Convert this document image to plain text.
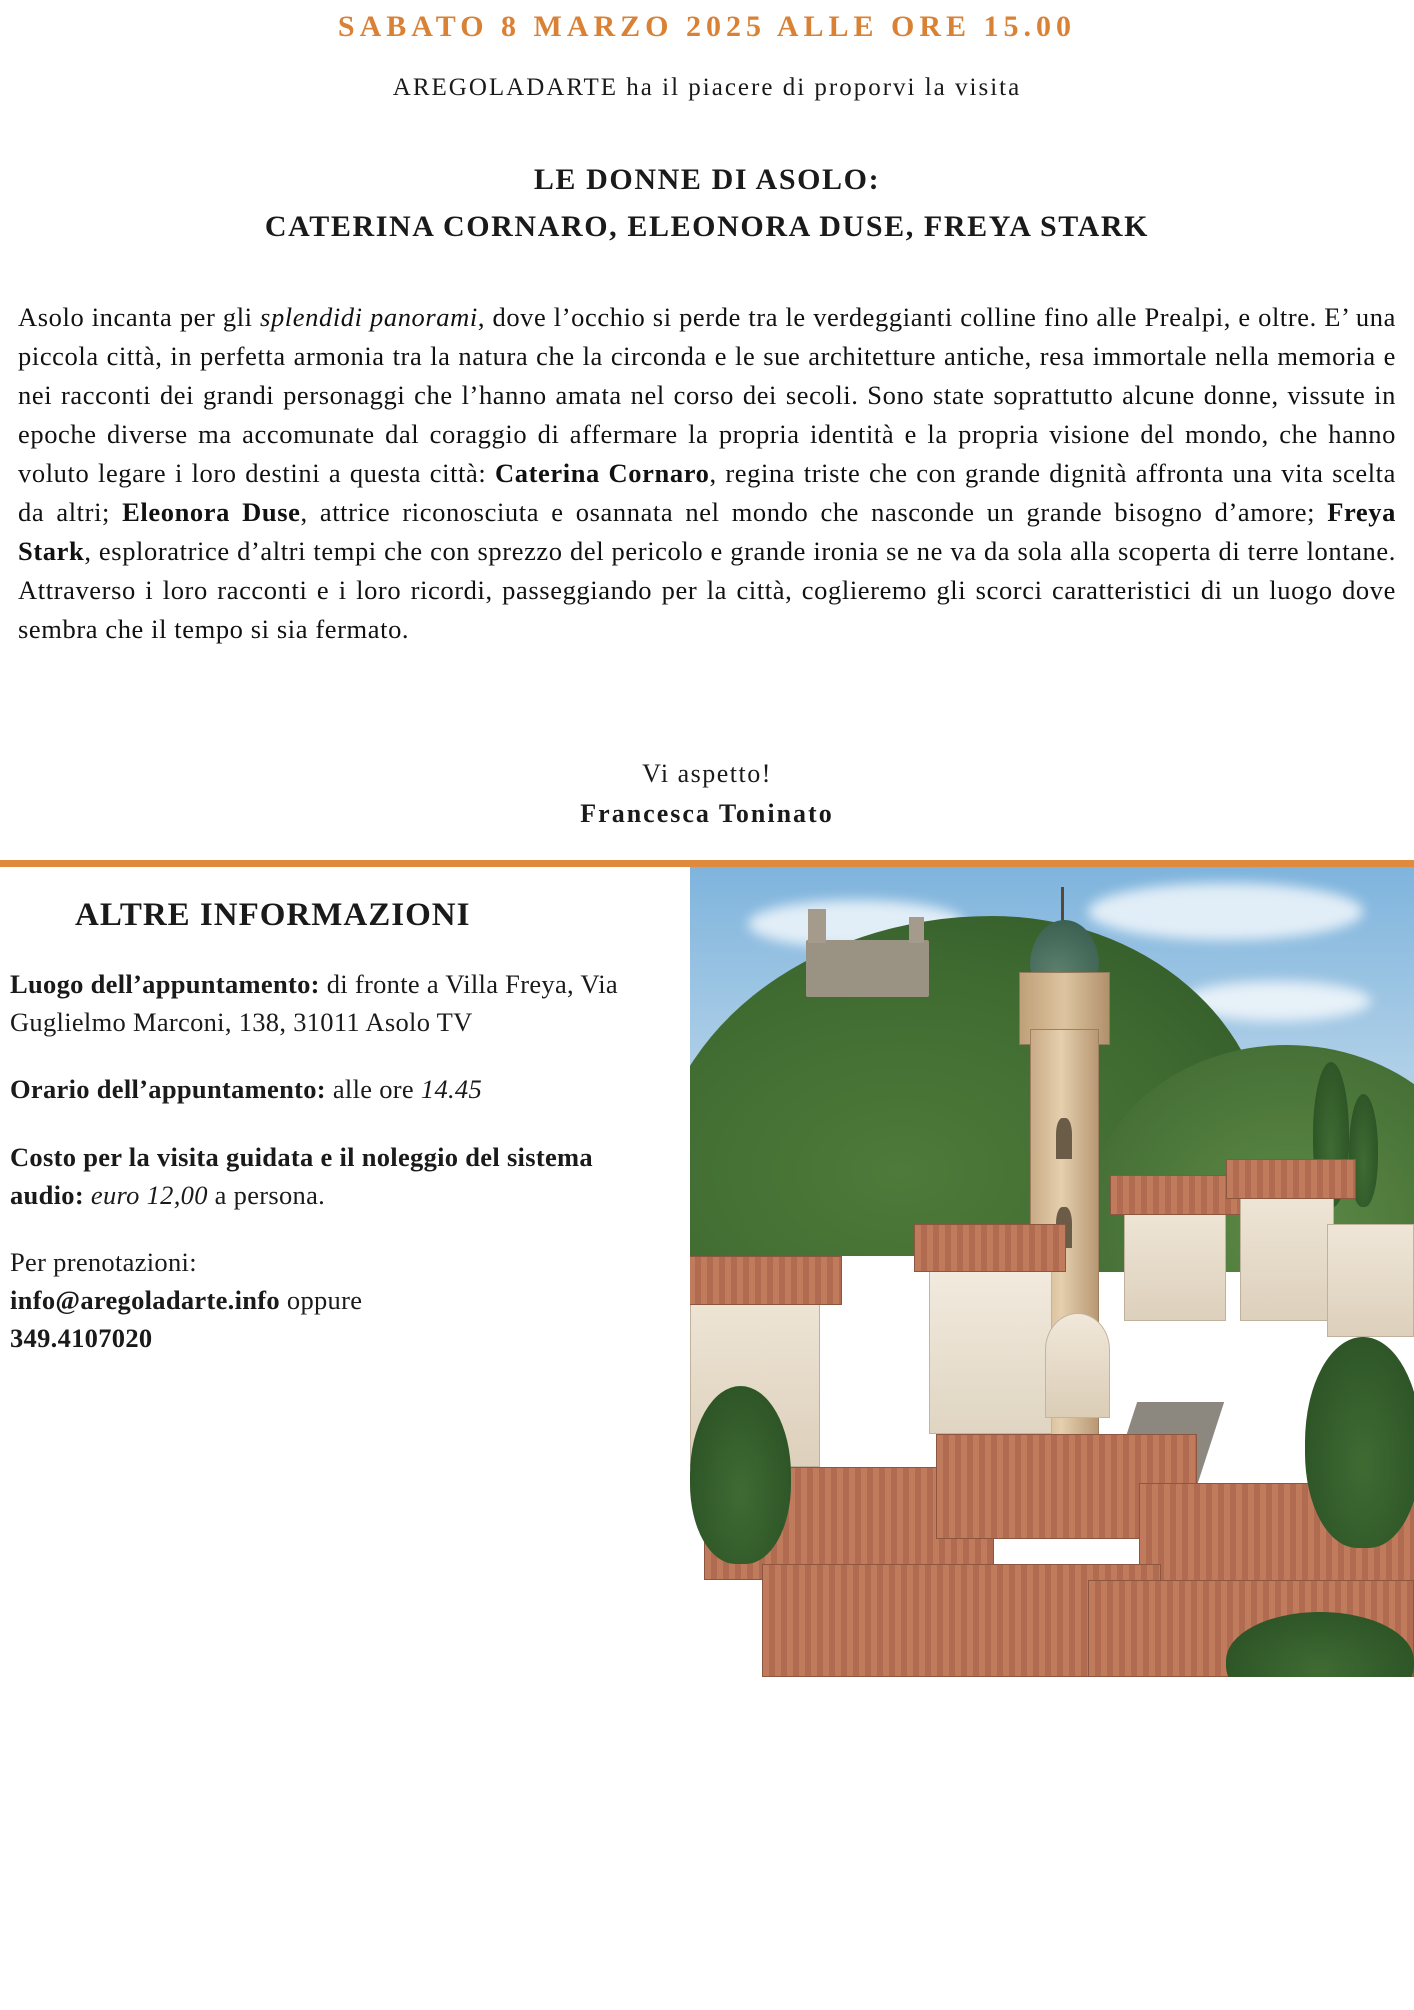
SABATO 8 MARZO 2025 ALLE ORE 15.00
AREGOLADARTE ha il piacere di proporvi la visita
LE DONNE DI ASOLO:
CATERINA CORNARO, ELEONORA DUSE, FREYA STARK
Asolo incanta per gli splendidi panorami, dove l’occhio si perde tra le verdeggianti colline fino alle Prealpi, e oltre. E’ una piccola città, in perfetta armonia tra la natura che la circonda e le sue architetture antiche, resa immortale nella memoria e nei racconti dei grandi personaggi che l’hanno amata nel corso dei secoli. Sono state soprattutto alcune donne, vissute in epoche diverse ma accomunate dal coraggio di affermare la propria identità e la propria visione del mondo, che hanno voluto legare i loro destini a questa città: Caterina Cornaro, regina triste che con grande dignità affronta una vita scelta da altri; Eleonora Duse, attrice riconosciuta e osannata nel mondo che nasconde un grande bisogno d’amore; Freya Stark, esploratrice d’altri tempi che con sprezzo del pericolo e grande ironia se ne va da sola alla scoperta di terre lontane. Attraverso i loro racconti e i loro ricordi, passeggiando per la città, coglieremo gli scorci caratteristici di un luogo dove sembra che il tempo si sia fermato.
Vi aspetto!
Francesca Toninato
ALTRE INFORMAZIONI
Luogo dell’appuntamento: di fronte a Villa Freya, Via Guglielmo Marconi, 138, 31011 Asolo TV
Orario dell’appuntamento: alle ore 14.45
Costo per la visita guidata e il noleggio del sistema audio: euro 12,00 a persona.
Per prenotazioni:
info@aregoladarte.info oppure
349.4107020
